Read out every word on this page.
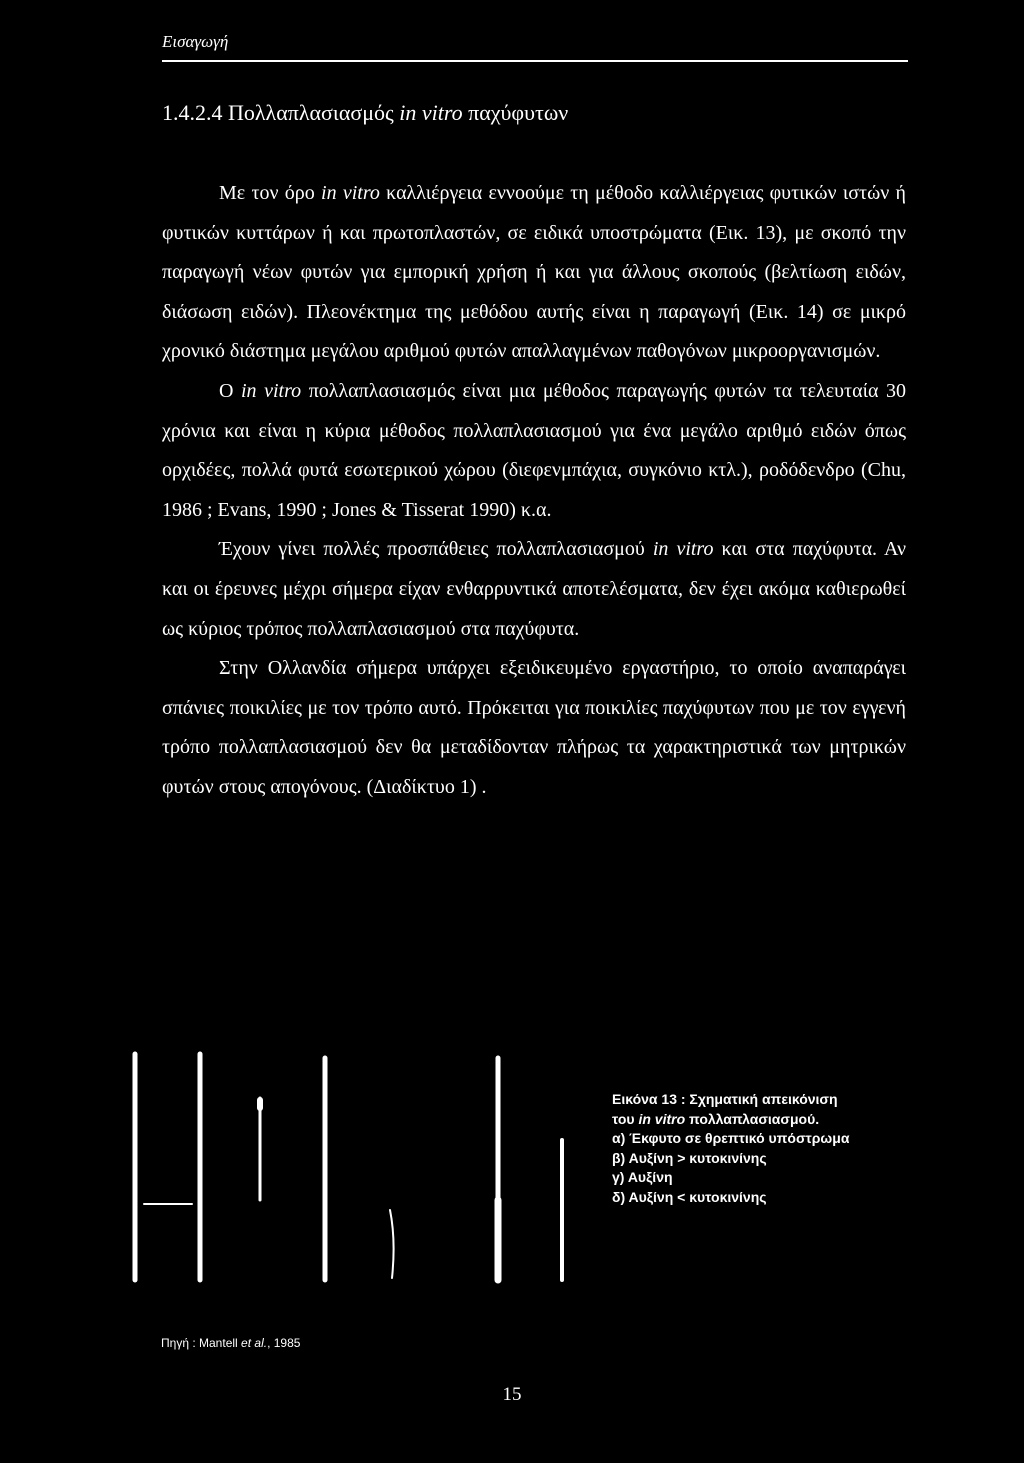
Εισαγωγή
1.4.2.4 Πολλαπλασιασμός in vitro παχύφυτων

Με τον όρο in vitro καλλιέργεια εννοούμε τη μέθοδο καλλιέργειας φυτικών ιστών ή φυτικών κυττάρων ή και πρωτοπλαστών, σε ειδικά υποστρώματα (Εικ. 13), με σκοπό την παραγωγή νέων φυτών για εμπορική χρήση ή και για άλλους σκοπούς (βελτίωση ειδών, διάσωση ειδών). Πλεονέκτημα της μεθόδου αυτής είναι η παραγωγή (Εικ. 14) σε μικρό χρονικό διάστημα μεγάλου αριθμού φυτών απαλλαγμένων παθογόνων μικροοργανισμών.

Ο in vitro πολλαπλασιασμός είναι μια μέθοδος παραγωγής φυτών τα τελευταία 30 χρόνια και είναι η κύρια μέθοδος πολλαπλασιασμού για ένα μεγάλο αριθμό ειδών όπως ορχιδέες, πολλά φυτά εσωτερικού χώρου (διεφενμπάχια, συγκόνιο κτλ.), ροδόδενδρο (Chu, 1986 ; Evans, 1990 ; Jones & Tisserat 1990) κ.α.

Έχουν γίνει πολλές προσπάθειες πολλαπλασιασμού in vitro και στα παχύφυτα. Αν και οι έρευνες μέχρι σήμερα είχαν ενθαρρυντικά αποτελέσματα, δεν έχει ακόμα καθιερωθεί ως κύριος τρόπος πολλαπλασιασμού στα παχύφυτα.

Στην Ολλανδία σήμερα υπάρχει εξειδικευμένο εργαστήριο, το οποίο αναπαράγει σπάνιες ποικιλίες με τον τρόπο αυτό. Πρόκειται για ποικιλίες παχύφυτων που με τον εγγενή τρόπο πολλαπλασιασμού δεν θα μεταδίδονταν πλήρως τα χαρακτηριστικά των μητρικών φυτών στους απογόνους. (Διαδίκτυο 1) .

Εικόνα 13 : Σχηματική απεικόνιση
του in vitro πολλαπλασιασμού.
α) Έκφυτο σε θρεπτικό υπόστρωμα
β) Αυξίνη > κυτοκινίνης
γ) Αυξίνη
δ) Αυξίνη < κυτοκινίνης
Πηγή : Mantell et al., 1985
15
